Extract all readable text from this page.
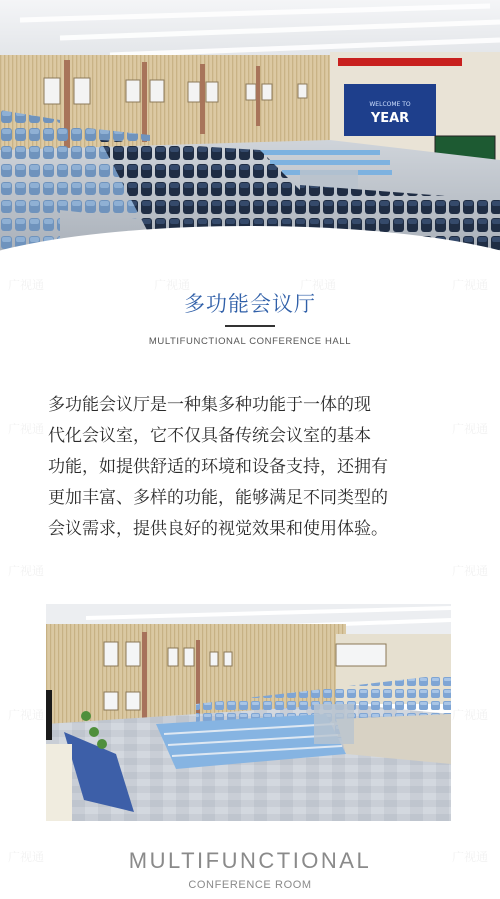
WELCOME TO
YEAR
广视通	广视通	广视通	广视通
广视通	广视通
广视通	广视通
广视通	广视通
广视通	广视通
多功能会议厅
MULTIFUNCTIONAL CONFERENCE HALL
多功能会议厅是一种集多种功能于一体的现
代化会议室，它不仅具备传统会议室的基本
功能，如提供舒适的环境和设备支持，还拥有
更加丰富、多样的功能，能够满足不同类型的
会议需求，提供良好的视觉效果和使用体验。
MULTIFUNCTIONAL
CONFERENCE ROOM
